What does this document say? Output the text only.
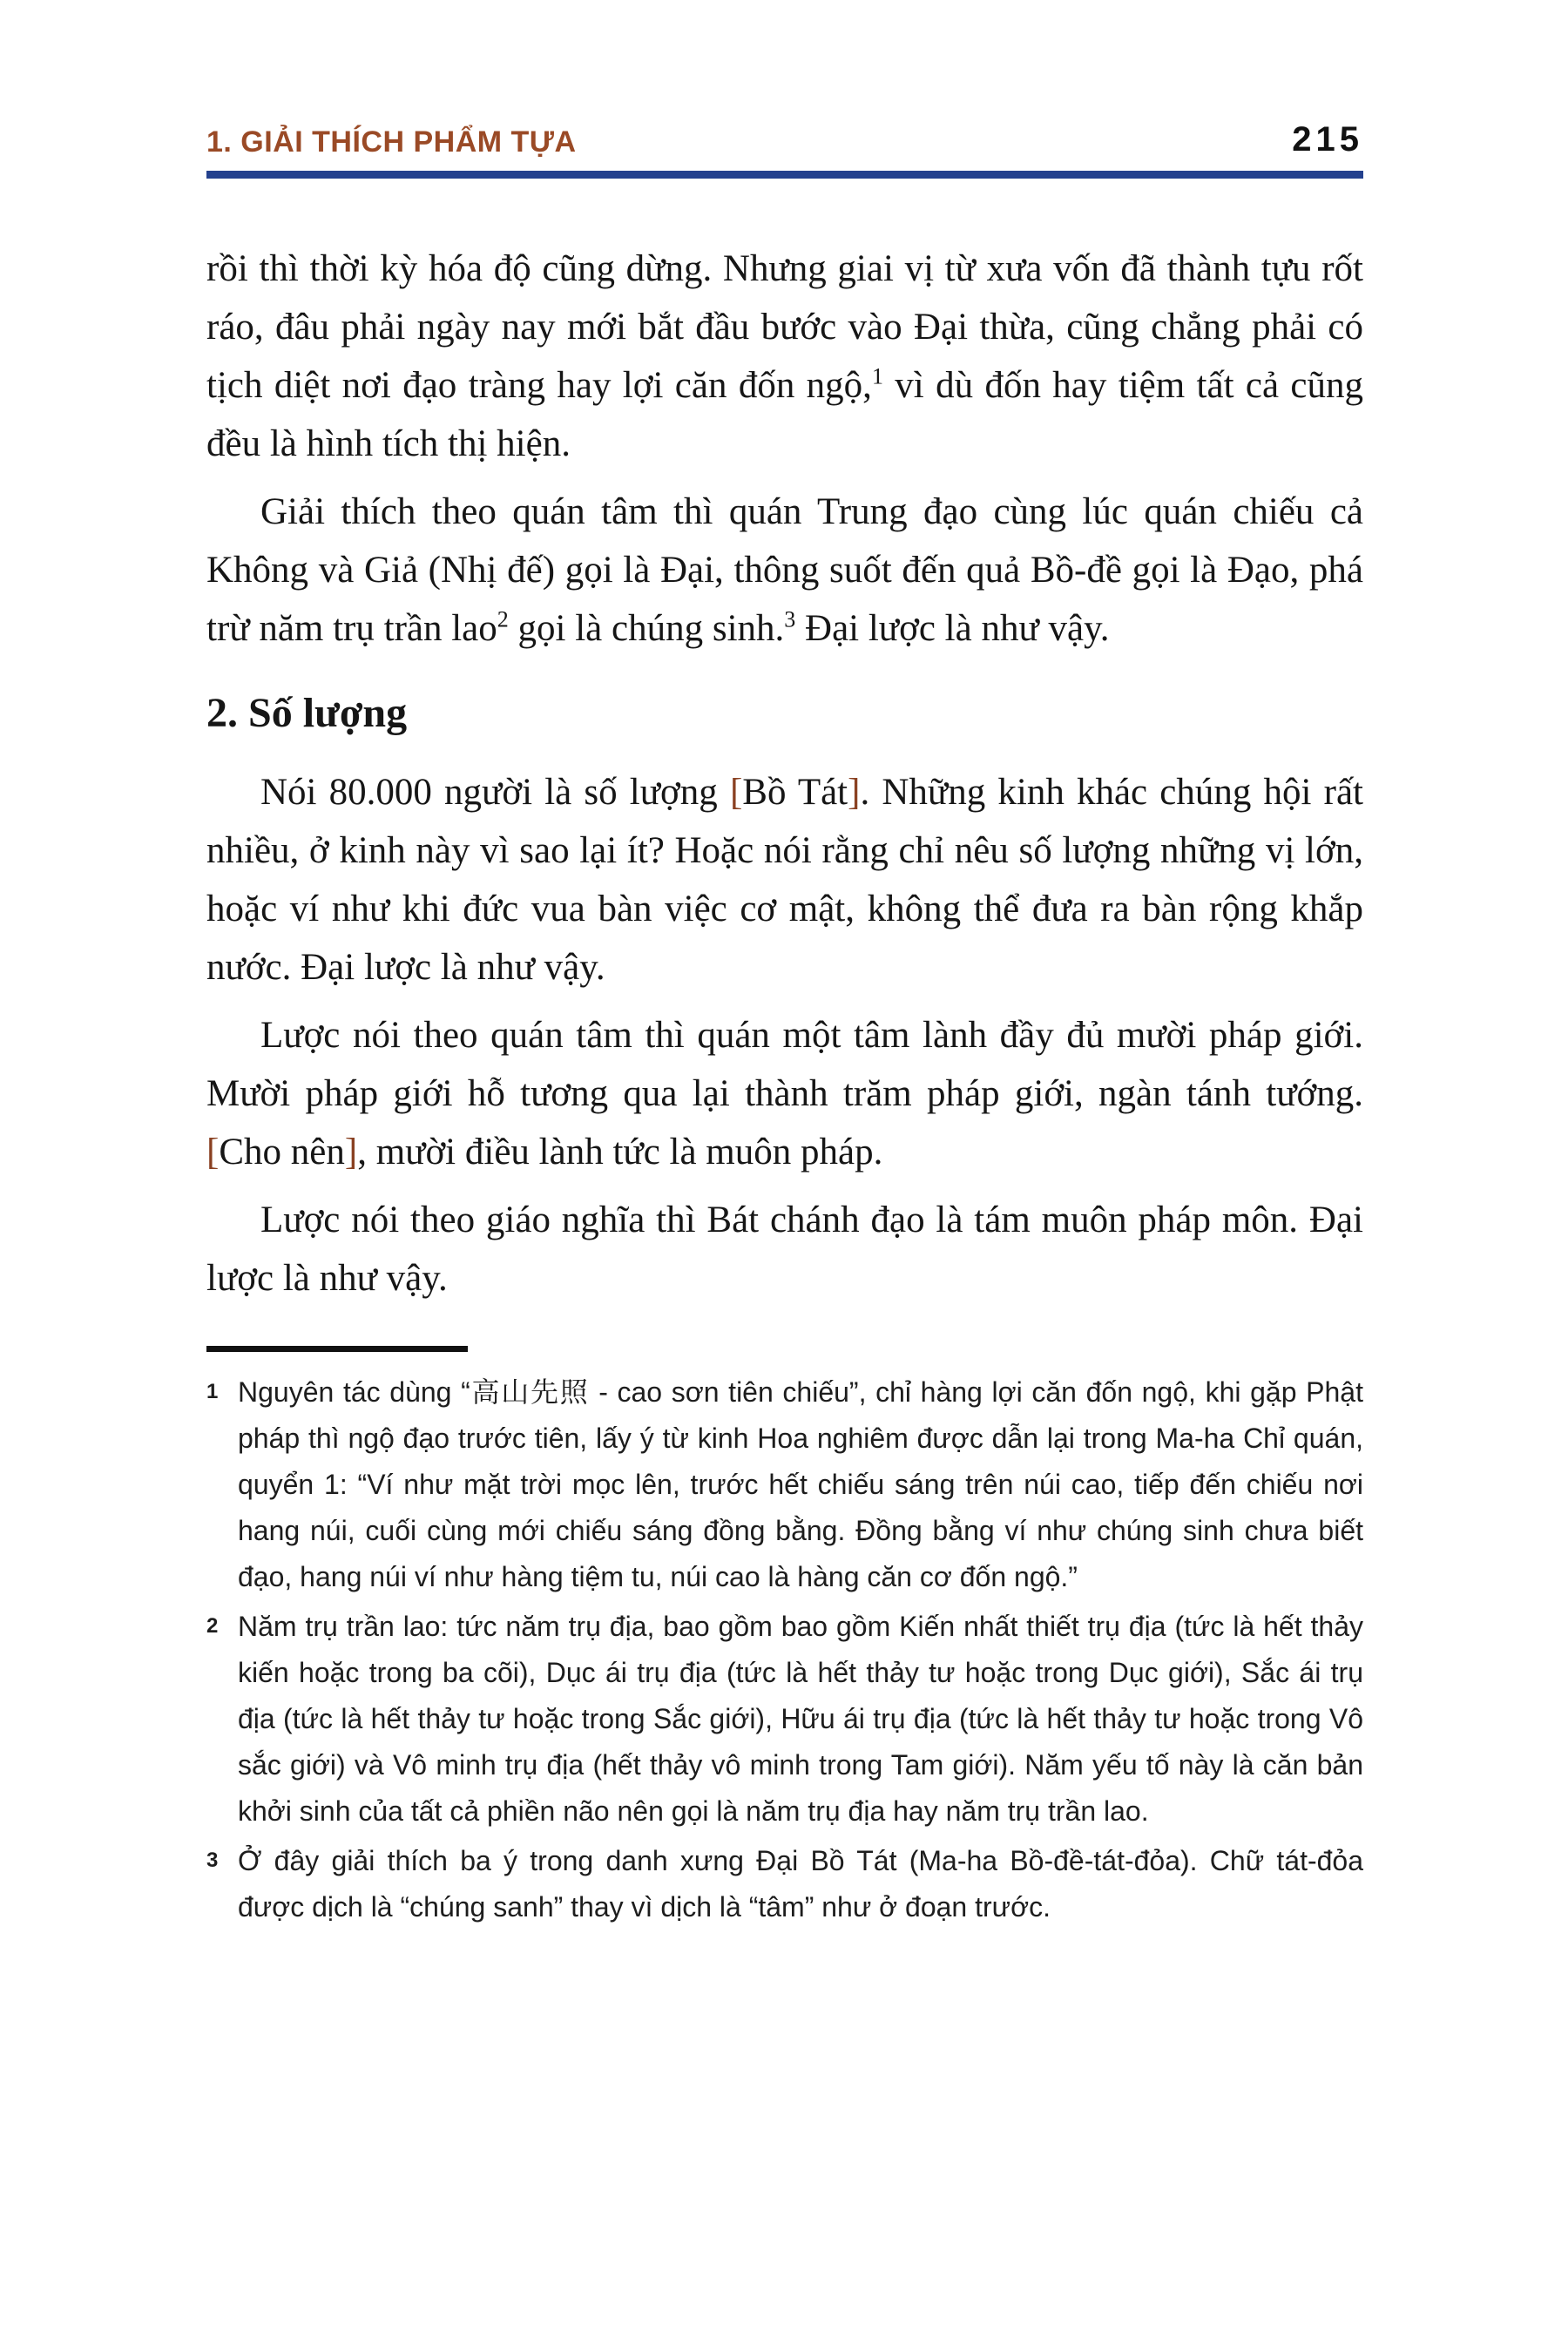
1. GIẢI THÍCH PHẨM TỰA	215

rồi thì thời kỳ hóa độ cũng dừng. Nhưng giai vị từ xưa vốn đã thành tựu rốt ráo, đâu phải ngày nay mới bắt đầu bước vào Đại thừa, cũng chẳng phải có tịch diệt nơi đạo tràng hay lợi căn đốn ngộ,$^1$ vì dù đốn hay tiệm tất cả cũng đều là hình tích thị hiện.

Giải thích theo quán tâm thì quán Trung đạo cùng lúc quán chiếu cả Không và Giả (Nhị đế) gọi là Đại, thông suốt đến quả Bồ-đề gọi là Đạo, phá trừ năm trụ trần lao$^2$ gọi là chúng sinh.$^3$ Đại lược là như vậy.

2. Số lượng

Nói 80.000 người là số lượng [Bồ Tát]. Những kinh khác chúng hội rất nhiều, ở kinh này vì sao lại ít? Hoặc nói rằng chỉ nêu số lượng những vị lớn, hoặc ví như khi đức vua bàn việc cơ mật, không thể đưa ra bàn rộng khắp nước. Đại lược là như vậy.

Lược nói theo quán tâm thì quán một tâm lành đầy đủ mười pháp giới. Mười pháp giới hỗ tương qua lại thành trăm pháp giới, ngàn tánh tướng. [Cho nên], mười điều lành tức là muôn pháp.

Lược nói theo giáo nghĩa thì Bát chánh đạo là tám muôn pháp môn. Đại lược là như vậy.

1 Nguyên tác dùng “高山先照 - cao sơn tiên chiếu”, chỉ hàng lợi căn đốn ngộ, khi gặp Phật pháp thì ngộ đạo trước tiên, lấy ý từ kinh Hoa nghiêm được dẫn lại trong Ma-ha Chỉ quán, quyển 1: “Ví như mặt trời mọc lên, trước hết chiếu sáng trên núi cao, tiếp đến chiếu nơi hang núi, cuối cùng mới chiếu sáng đồng bằng. Đồng bằng ví như chúng sinh chưa biết đạo, hang núi ví như hàng tiệm tu, núi cao là hàng căn cơ đốn ngộ.”
2 Năm trụ trần lao: tức năm trụ địa, bao gồm bao gồm Kiến nhất thiết trụ địa (tức là hết thảy kiến hoặc trong ba cõi), Dục ái trụ địa (tức là hết thảy tư hoặc trong Dục giới), Sắc ái trụ địa (tức là hết thảy tư hoặc trong Sắc giới), Hữu ái trụ địa (tức là hết thảy tư hoặc trong Vô sắc giới) và Vô minh trụ địa (hết thảy vô minh trong Tam giới). Năm yếu tố này là căn bản khởi sinh của tất cả phiền não nên gọi là năm trụ địa hay năm trụ trần lao.
3 Ở đây giải thích ba ý trong danh xưng Đại Bồ Tát (Ma-ha Bồ-đề-tát-đỏa). Chữ tát-đỏa được dịch là “chúng sanh” thay vì dịch là “tâm” như ở đoạn trước.
